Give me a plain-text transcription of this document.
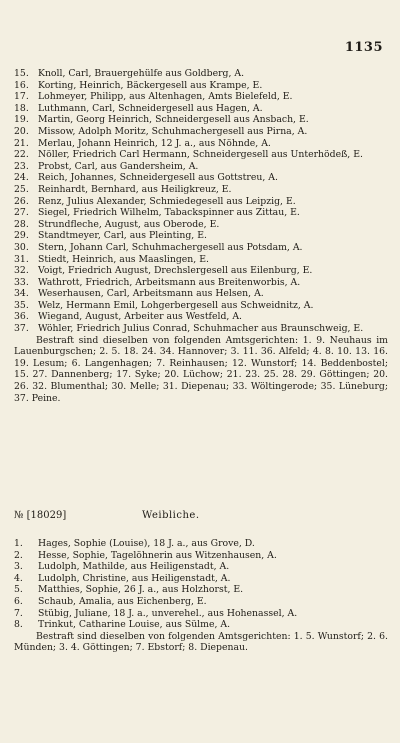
1135
15. Knoll, Carl, Brauergehülfe aus Goldberg, A.
16. Korting, Heinrich, Bäckergesell aus Krampe, E.
17. Lohmeyer, Philipp, aus Altenhagen, Amts Bielefeld, E.
18. Luthmann, Carl, Schneidergesell aus Hagen, A.
19. Martin, Georg Heinrich, Schneidergesell aus Ansbach, E.
20. Missow, Adolph Moritz, Schuhmachergesell aus Pirna, A.
21. Merlau, Johann Heinrich, 12 J. a., aus Nöhnde, A.
22. Nöller, Friedrich Carl Hermann, Schneidergesell aus Unterhödeß, E.
23. Probst, Carl, aus Gandersheim, A.
24. Reich, Johannes, Schneidergesell aus Gottstreu, A.
25. Reinhardt, Bernhard, aus Heiligkreuz, E.
26. Renz, Julius Alexander, Schmiedegesell aus Leipzig, E.
27. Siegel, Friedrich Wilhelm, Tabackspinner aus Zittau, E.
28. Strundfleche, August, aus Oberode, E.
29. Standtmeyer, Carl, aus Pleinting, E.
30. Stern, Johann Carl, Schuhmachergesell aus Potsdam, A.
31. Stiedt, Heinrich, aus Maaslingen, E.
32. Voigt, Friedrich August, Drechslergesell aus Eilenburg, E.
33. Wathrott, Friedrich, Arbeitsmann aus Breitenworbis, A.
34. Weserhausen, Carl, Arbeitsmann aus Helsen, A.
35. Welz, Hermann Emil, Lohgerbergesell aus Schweidnitz, A.
36. Wiegand, August, Arbeiter aus Westfeld, A.
37. Wöhler, Friedrich Julius Conrad, Schuhmacher aus Braunschweig, E.

Bestraft sind dieselben von folgenden Amtsgerichten: 1. 9. Neuhaus im Lauenburgschen; 2. 5. 18. 24. 34. Hannover; 3. 11. 36. Alfeld; 4. 8. 10. 13. 16. 19. Lesum; 6. Langenhagen; 7. Reinhausen; 12. Wunstorf; 14. Beddenbostel; 15. 27. Dannenberg; 17. Syke; 20. Lüchow; 21. 23. 25. 28. 29. Göttingen; 20. 26. 32. Blumenthal; 30. Melle; 31. Diepenau; 33. Wöltingerode; 35. Lüneburg; 37. Peine.

№ [18029]	Weibliche.
1.	Hages, Sophie (Louise), 18 J. a., aus Grove, D.
2.	Hesse, Sophie, Tagelöhnerin aus Witzenhausen, A.
3.	Ludolph, Mathilde, aus Heiligenstadt, A.
4.	Ludolph, Christine, aus Heiligenstadt, A.
5.	Matthies, Sophie, 26 J. a., aus Holzhorst, E.
6.	Schaub, Amalia, aus Eichenberg, E.
7.	Stübig, Juliane, 18 J. a., unverehel., aus Hohenassel, A.
8.	Trinkut, Catharine Louise, aus Sülme, A.

Bestraft sind dieselben von folgenden Amtsgerichten: 1. 5. Wunstorf; 2. 6. Münden; 3. 4. Göttingen; 7. Ebstorf; 8. Diepenau.
